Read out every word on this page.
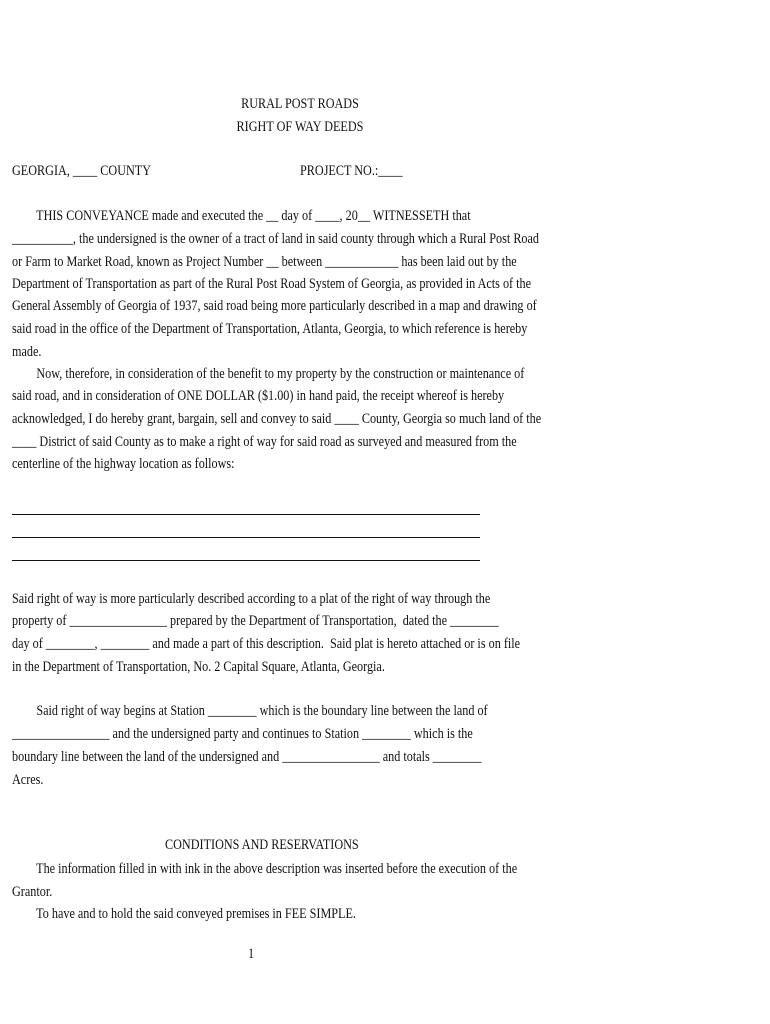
RURAL POST ROADS
RIGHT OF WAY DEEDS
GEORGIA, ____ COUNTY	PROJECT NO.:____
THIS CONVEYANCE made and executed the __ day of ____, 20__ WITNESSETH that
__________, the undersigned is the owner of a tract of land in said county through which a Rural Post Road
or Farm to Market Road, known as Project Number __ between ____________ has been laid out by the
Department of Transportation as part of the Rural Post Road System of Georgia, as provided in Acts of the
General Assembly of Georgia of 1937, said road being more particularly described in a map and drawing of
said road in the office of the Department of Transportation, Atlanta, Georgia, to which reference is hereby
made.
Now, therefore, in consideration of the benefit to my property by the construction or maintenance of
said road, and in consideration of ONE DOLLAR ($1.00) in hand paid, the receipt whereof is hereby
acknowledged, I do hereby grant, bargain, sell and convey to said ____ County, Georgia so much land of the
____ District of said County as to make a right of way for said road as surveyed and measured from the
centerline of the highway location as follows:
Said right of way is more particularly described according to a plat of the right of way through the
property of ________________ prepared by the Department of Transportation,  dated the ________
day of ________, ________ and made a part of this description.  Said plat is hereto attached or is on file
in the Department of Transportation, No. 2 Capital Square, Atlanta, Georgia.
Said right of way begins at Station ________ which is the boundary line between the land of
________________ and the undersigned party and continues to Station ________ which is the
boundary line between the land of the undersigned and ________________ and totals ________
Acres.
CONDITIONS AND RESERVATIONS
The information filled in with ink in the above description was inserted before the execution of the
Grantor.
To have and to hold the said conveyed premises in FEE SIMPLE.
1
